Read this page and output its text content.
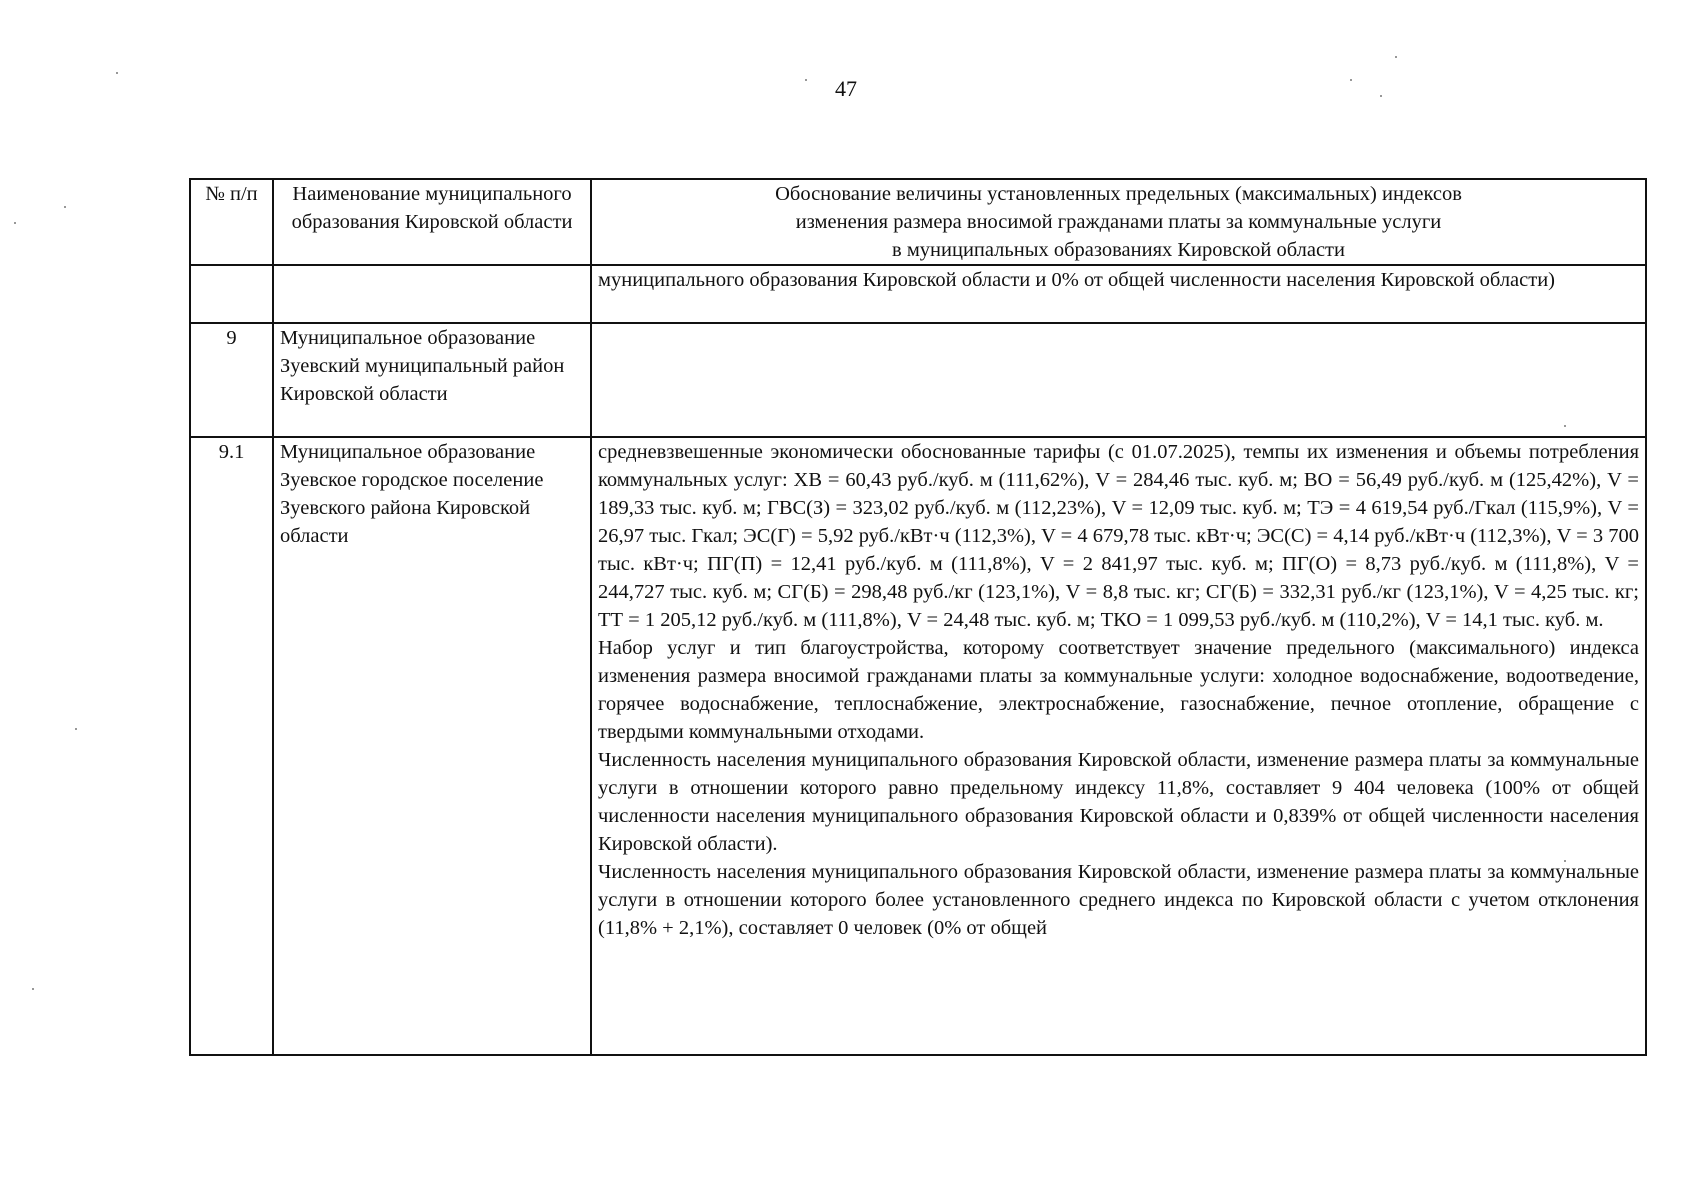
47
№ п/п	Наименование муниципального образования Кировской области	Обоснование величины установленных предельных (максимальных) индексов
изменения размера вносимой гражданами платы за коммунальные услуги
в муниципальных образованиях Кировской области

		муниципального образования Кировской области и 0% от общей численности населения Кировской области)

9	Муниципальное образование Зуевский муниципальный район Кировской области	
9.1	Муниципальное образование Зуевское городское поселение Зуевского района Кировской области	средневзвешенные экономически обоснованные тарифы (с 01.07.2025), темпы их изменения и объемы потребления коммунальных услуг: ХВ = 60,43 руб./куб. м (111,62%), V = 284,46 тыс. куб. м; ВО = 56,49 руб./куб. м (125,42%), V = 189,33 тыс. куб. м; ГВС(З) = 323,02 руб./куб. м (112,23%), V = 12,09 тыс. куб. м; ТЭ = 4 619,54 руб./Гкал (115,9%), V = 26,97 тыс. Гкал; ЭС(Г) = 5,92 руб./кВт·ч (112,3%), V = 4 679,78 тыс. кВт·ч; ЭС(С) = 4,14 руб./кВт·ч (112,3%), V = 3 700 тыс. кВт·ч; ПГ(П) = 12,41 руб./куб. м (111,8%), V = 2 841,97 тыс. куб. м; ПГ(О) = 8,73 руб./куб. м (111,8%), V = 244,727 тыс. куб. м; СГ(Б) = 298,48 руб./кг (123,1%), V = 8,8 тыс. кг; СГ(Б) = 332,31 руб./кг (123,1%), V = 4,25 тыс. кг; ТТ = 1 205,12 руб./куб. м (111,8%), V = 24,48 тыс. куб. м; ТКО = 1 099,53 руб./куб. м (110,2%), V = 14,1 тыс. куб. м.

Набор услуг и тип благоустройства, которому соответствует значение предельного (максимального) индекса изменения размера вносимой гражданами платы за коммунальные услуги: холодное водоснабжение, водоотведение, горячее водоснабжение, теплоснабжение, электроснабжение, газоснабжение, печное отопление, обращение с твердыми коммунальными отходами.

Численность населения муниципального образования Кировской области, изменение размера платы за коммунальные услуги в отношении которого равно предельному индексу 11,8%, составляет 9 404 человека (100% от общей численности населения муниципального образования Кировской области и 0,839% от общей численности населения Кировской области).

Численность населения муниципального образования Кировской области, изменение размера платы за коммунальные услуги в отношении которого более установленного среднего индекса по Кировской области с учетом отклонения (11,8% + 2,1%), составляет 0 человек (0% от общей
